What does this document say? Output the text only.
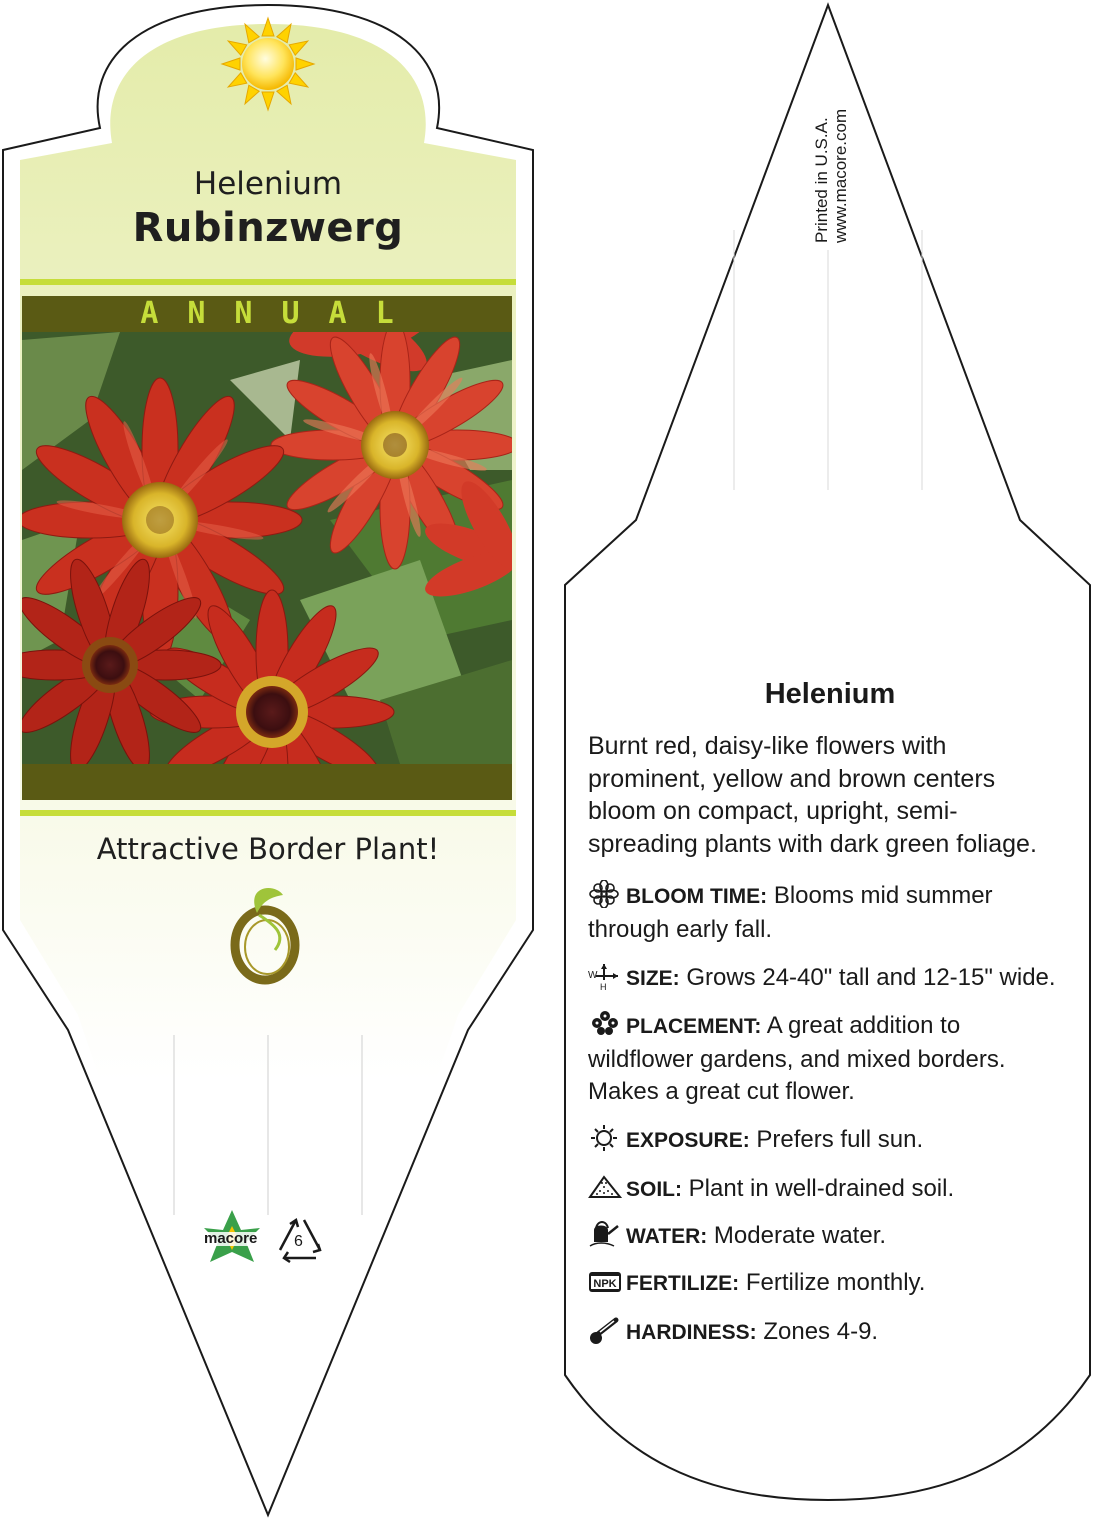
Helenium
Rubinzwerg
ANNUAL
Attractive Border Plant!
macore 6
Printed in U.S.A. www.macore.com
Helenium
Burnt red, daisy-like flowers with prominent, yellow and brown centers bloom on compact, upright, semi-spreading plants with dark green foliage.
BLOOM TIME: Blooms mid summer through early fall.
W
H SIZE: Grows 24-40" tall and 12-15" wide.
PLACEMENT: A great addition to wildflower gardens, and mixed borders. Makes a great cut flower.
EXPOSURE: Prefers full sun.
SOIL: Plant in well-drained soil.
WATER: Moderate water.
NPK FERTILIZE: Fertilize monthly.
HARDINESS: Zones 4-9.
